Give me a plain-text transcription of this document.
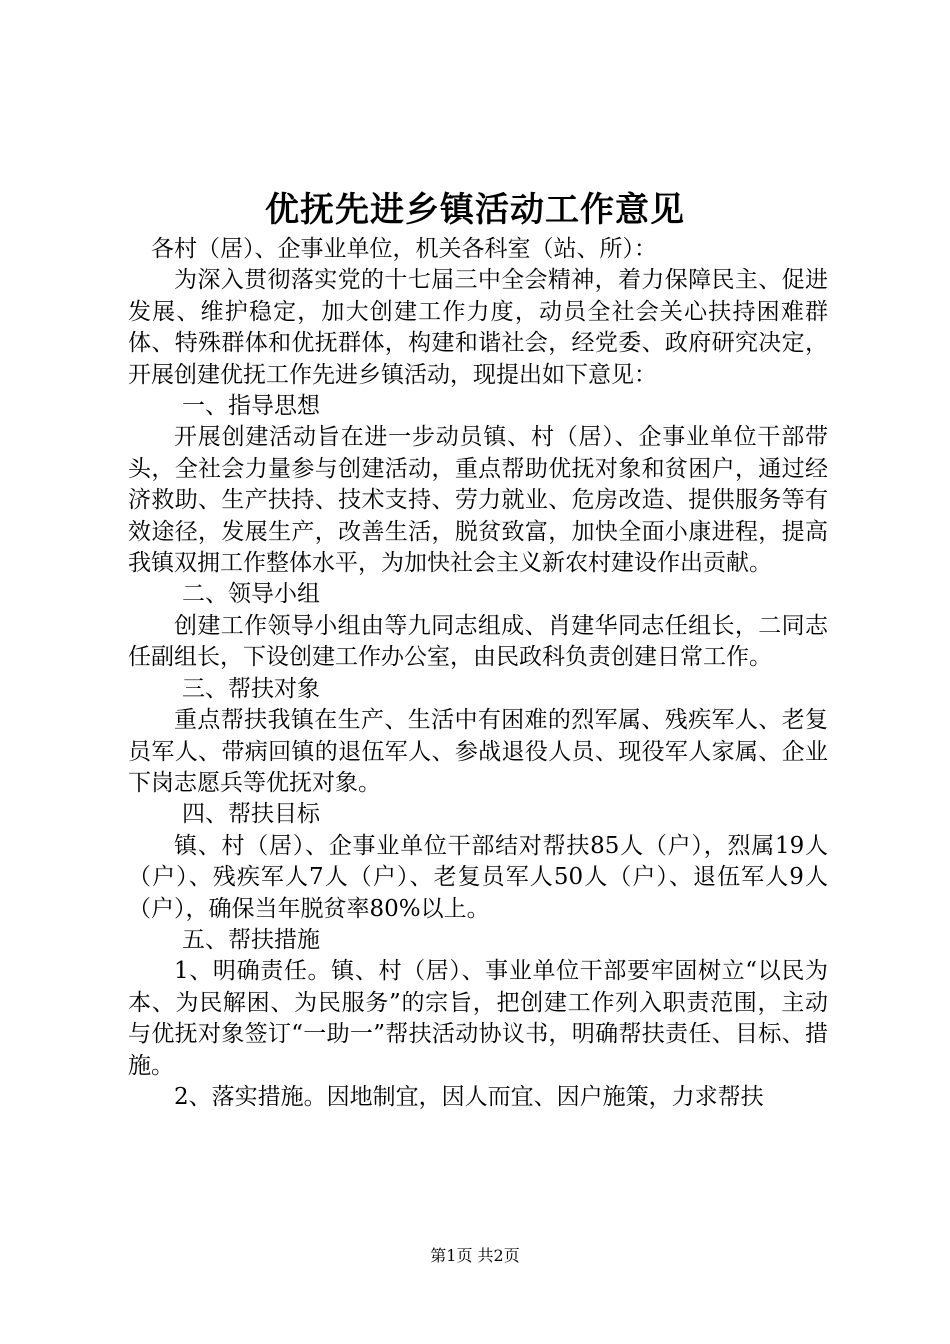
优抚先进乡镇活动工作意见

各村（居）、企事业单位，机关各科室（站、所）：

为深入贯彻落实党的十七届三中全会精神，着力保障民主、促进发展、维护稳定，加大创建工作力度，动员全社会关心扶持困难群体、特殊群体和优抚群体，构建和谐社会，经党委、政府研究决定，开展创建优抚工作先进乡镇活动，现提出如下意见：

一、指导思想

开展创建活动旨在进一步动员镇、村（居）、企事业单位干部带头，全社会力量参与创建活动，重点帮助优抚对象和贫困户，通过经济救助、生产扶持、技术支持、劳力就业、危房改造、提供服务等有效途径，发展生产，改善生活，脱贫致富，加快全面小康进程，提高我镇双拥工作整体水平，为加快社会主义新农村建设作出贡献。

二、领导小组

创建工作领导小组由等九同志组成、肖建华同志任组长，二同志任副组长，下设创建工作办公室，由民政科负责创建日常工作。

三、帮扶对象

重点帮扶我镇在生产、生活中有困难的烈军属、残疾军人、老复员军人、带病回镇的退伍军人、参战退役人员、现役军人家属、企业下岗志愿兵等优抚对象。

四、帮扶目标

镇、村（居）、企事业单位干部结对帮扶85人（户），烈属19人（户）、残疾军人7人（户）、老复员军人50人（户）、退伍军人9人（户），确保当年脱贫率80%以上。

五、帮扶措施

1、明确责任。镇、村（居）、事业单位干部要牢固树立“以民为本、为民解困、为民服务”的宗旨，把创建工作列入职责范围，主动与优抚对象签订“一助一”帮扶活动协议书，明确帮扶责任、目标、措施。

2、落实措施。因地制宜，因人而宜、因户施策，力求帮扶

第1页 共2页
